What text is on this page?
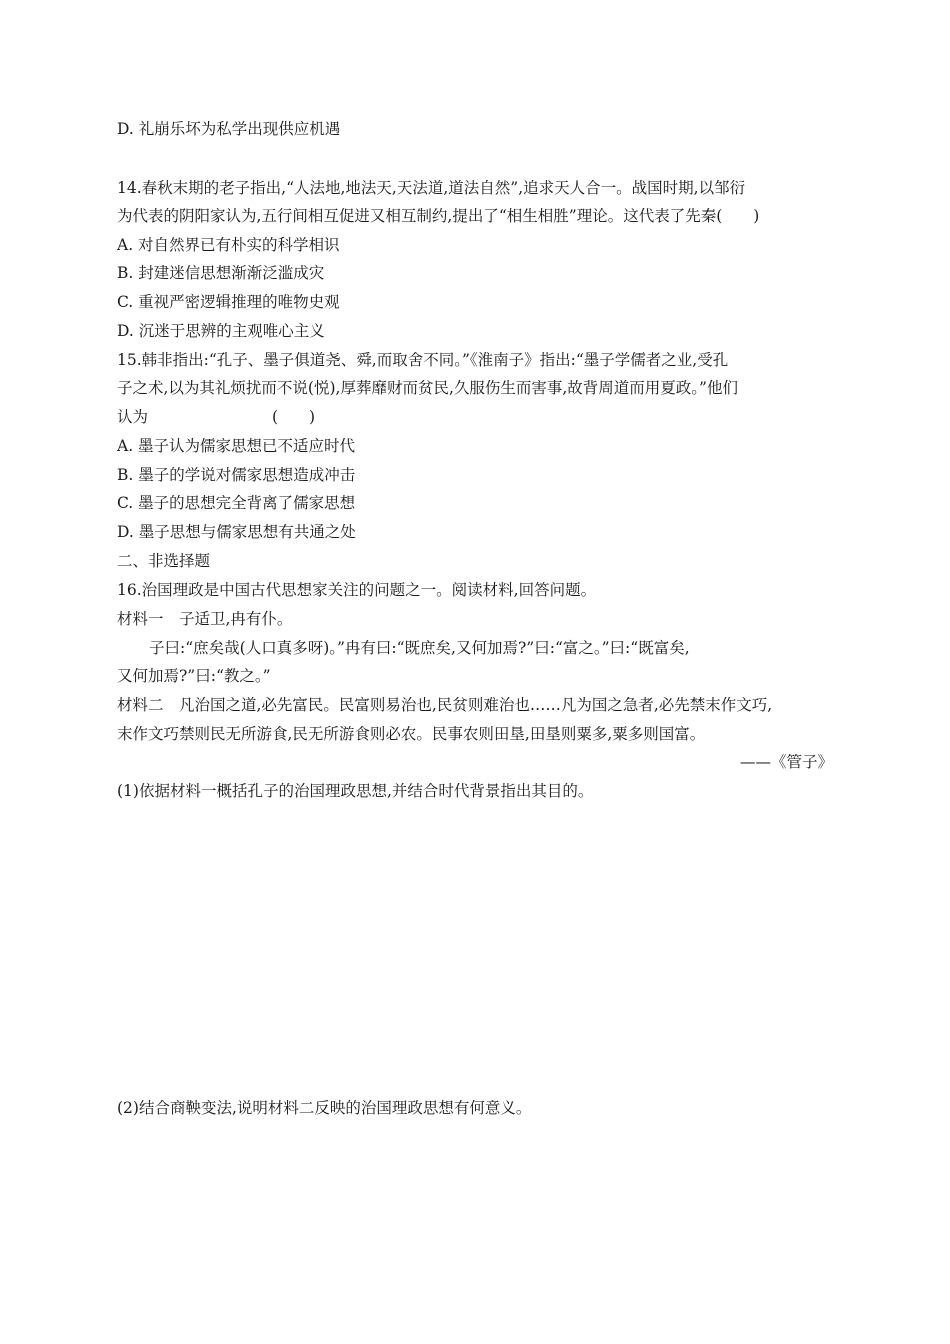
D. 礼崩乐坏为私学出现供应机遇
14.春秋末期的老子指出,“人法地,地法天,天法道,道法自然”,追求天人合一。战国时期,以邹衍
为代表的阴阳家认为,五行间相互促进又相互制约,提出了“相生相胜”理论。这代表了先秦(　　)
A. 对自然界已有朴实的科学相识
B. 封建迷信思想渐渐泛滥成灾
C. 重视严密逻辑推理的唯物史观
D. 沉迷于思辨的主观唯心主义
15.韩非指出:“孔子、墨子俱道尧、舜,而取舍不同。”《淮南子》指出:“墨子学儒者之业,受孔
子之术,以为其礼烦扰而不说(悦),厚葬靡财而贫民,久服伤生而害事,故背周道而用夏政。”他们
认为　　　　　　　　(　　)
A. 墨子认为儒家思想已不适应时代
B. 墨子的学说对儒家思想造成冲击
C. 墨子的思想完全背离了儒家思想
D. 墨子思想与儒家思想有共通之处
二、非选择题
16.治国理政是中国古代思想家关注的问题之一。阅读材料,回答问题。
材料一　子适卫,冉有仆。
子曰:“庶矣哉(人口真多呀)。”冉有曰:“既庶矣,又何加焉?”曰:“富之。”曰:“既富矣,
又何加焉?”曰:“教之。”
材料二　凡治国之道,必先富民。民富则易治也,民贫则难治也……凡为国之急者,必先禁末作文巧,
末作文巧禁则民无所游食,民无所游食则必农。民事农则田垦,田垦则粟多,粟多则国富。
——《管子》
(1)依据材料一概括孔子的治国理政思想,并结合时代背景指出其目的。
(2)结合商鞅变法,说明材料二反映的治国理政思想有何意义。
